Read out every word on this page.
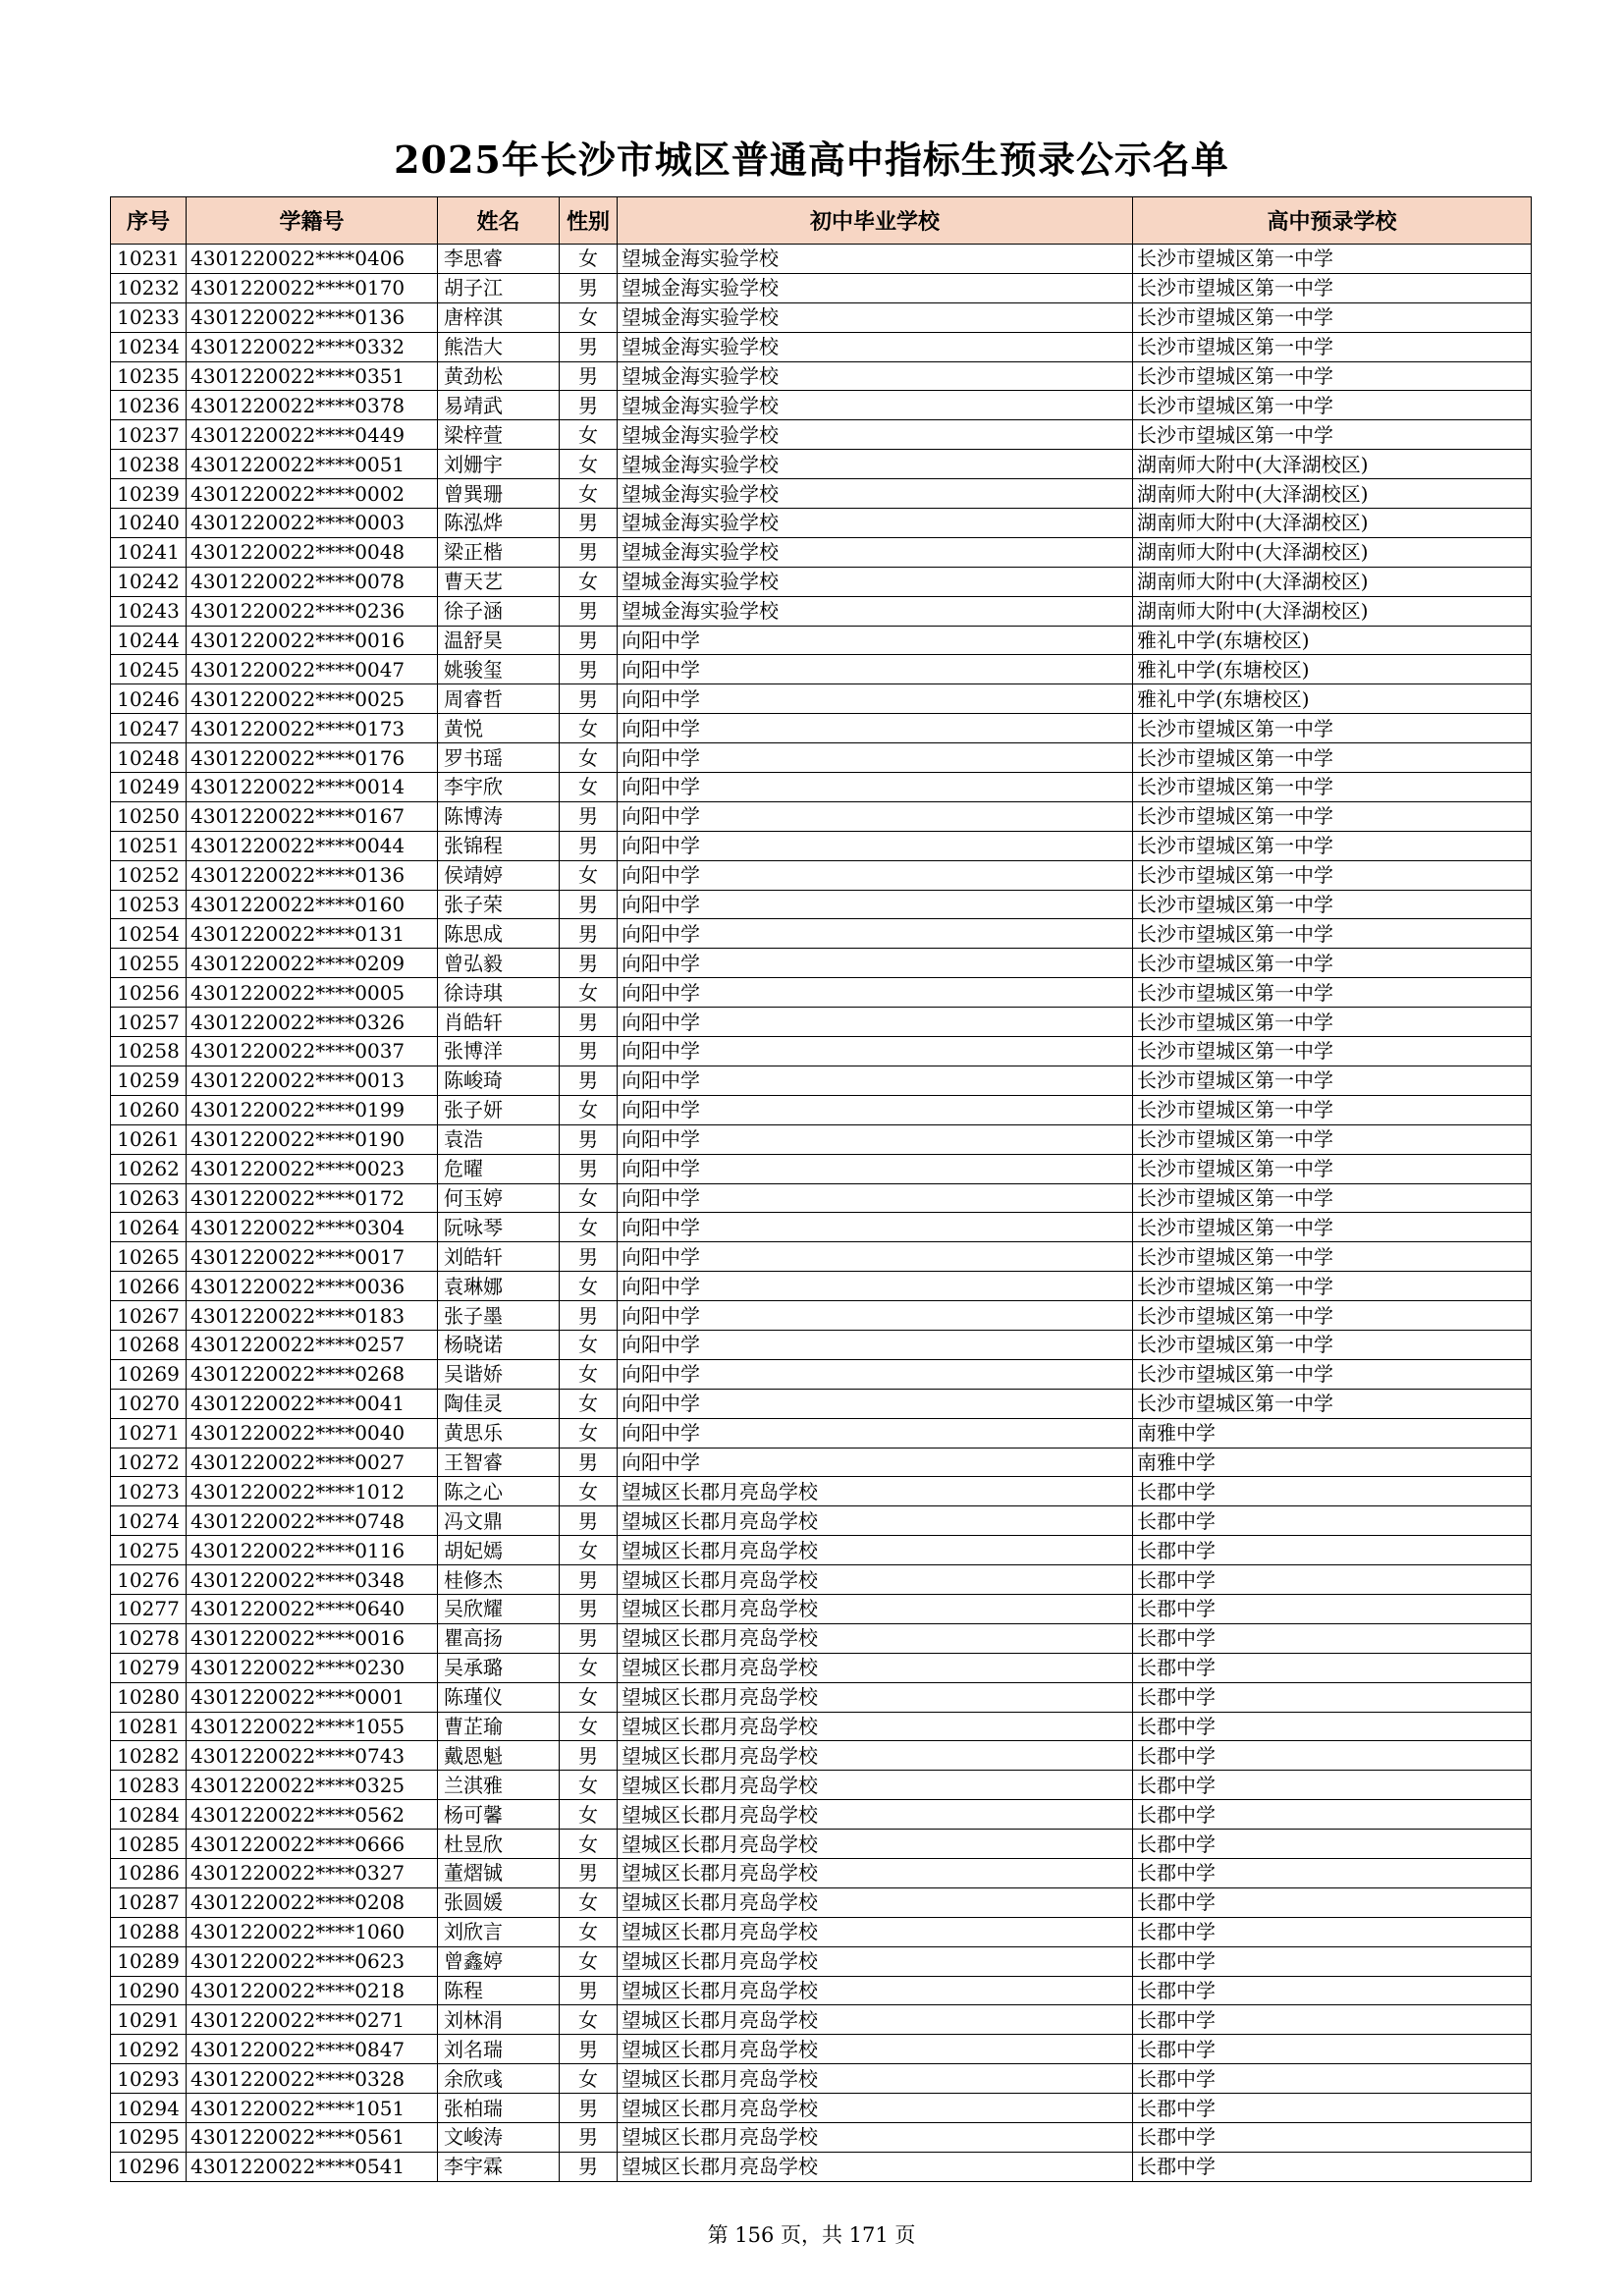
2025年长沙市城区普通高中指标生预录公示名单
序号	学籍号	姓名	性别	初中毕业学校	高中预录学校
10231	4301220022****0406	李思睿	女	望城金海实验学校	长沙市望城区第一中学
10232	4301220022****0170	胡子江	男	望城金海实验学校	长沙市望城区第一中学
10233	4301220022****0136	唐梓淇	女	望城金海实验学校	长沙市望城区第一中学
10234	4301220022****0332	熊浩大	男	望城金海实验学校	长沙市望城区第一中学
10235	4301220022****0351	黄劲松	男	望城金海实验学校	长沙市望城区第一中学
10236	4301220022****0378	易靖武	男	望城金海实验学校	长沙市望城区第一中学
10237	4301220022****0449	梁梓萱	女	望城金海实验学校	长沙市望城区第一中学
10238	4301220022****0051	刘姗宇	女	望城金海实验学校	湖南师大附中(大泽湖校区)
10239	4301220022****0002	曾巽珊	女	望城金海实验学校	湖南师大附中(大泽湖校区)
10240	4301220022****0003	陈泓烨	男	望城金海实验学校	湖南师大附中(大泽湖校区)
10241	4301220022****0048	梁正楷	男	望城金海实验学校	湖南师大附中(大泽湖校区)
10242	4301220022****0078	曹天艺	女	望城金海实验学校	湖南师大附中(大泽湖校区)
10243	4301220022****0236	徐子涵	男	望城金海实验学校	湖南师大附中(大泽湖校区)
10244	4301220022****0016	温舒昊	男	向阳中学	雅礼中学(东塘校区)
10245	4301220022****0047	姚骏玺	男	向阳中学	雅礼中学(东塘校区)
10246	4301220022****0025	周睿哲	男	向阳中学	雅礼中学(东塘校区)
10247	4301220022****0173	黄悦	女	向阳中学	长沙市望城区第一中学
10248	4301220022****0176	罗书瑶	女	向阳中学	长沙市望城区第一中学
10249	4301220022****0014	李宇欣	女	向阳中学	长沙市望城区第一中学
10250	4301220022****0167	陈博涛	男	向阳中学	长沙市望城区第一中学
10251	4301220022****0044	张锦程	男	向阳中学	长沙市望城区第一中学
10252	4301220022****0136	侯靖婷	女	向阳中学	长沙市望城区第一中学
10253	4301220022****0160	张子荣	男	向阳中学	长沙市望城区第一中学
10254	4301220022****0131	陈思成	男	向阳中学	长沙市望城区第一中学
10255	4301220022****0209	曾弘毅	男	向阳中学	长沙市望城区第一中学
10256	4301220022****0005	徐诗琪	女	向阳中学	长沙市望城区第一中学
10257	4301220022****0326	肖皓轩	男	向阳中学	长沙市望城区第一中学
10258	4301220022****0037	张博洋	男	向阳中学	长沙市望城区第一中学
10259	4301220022****0013	陈峻琦	男	向阳中学	长沙市望城区第一中学
10260	4301220022****0199	张子妍	女	向阳中学	长沙市望城区第一中学
10261	4301220022****0190	袁浩	男	向阳中学	长沙市望城区第一中学
10262	4301220022****0023	危曜	男	向阳中学	长沙市望城区第一中学
10263	4301220022****0172	何玉婷	女	向阳中学	长沙市望城区第一中学
10264	4301220022****0304	阮咏琴	女	向阳中学	长沙市望城区第一中学
10265	4301220022****0017	刘皓轩	男	向阳中学	长沙市望城区第一中学
10266	4301220022****0036	袁琳娜	女	向阳中学	长沙市望城区第一中学
10267	4301220022****0183	张子墨	男	向阳中学	长沙市望城区第一中学
10268	4301220022****0257	杨晓诺	女	向阳中学	长沙市望城区第一中学
10269	4301220022****0268	吴谐娇	女	向阳中学	长沙市望城区第一中学
10270	4301220022****0041	陶佳灵	女	向阳中学	长沙市望城区第一中学
10271	4301220022****0040	黄思乐	女	向阳中学	南雅中学
10272	4301220022****0027	王智睿	男	向阳中学	南雅中学
10273	4301220022****1012	陈之心	女	望城区长郡月亮岛学校	长郡中学
10274	4301220022****0748	冯文鼎	男	望城区长郡月亮岛学校	长郡中学
10275	4301220022****0116	胡妃嫣	女	望城区长郡月亮岛学校	长郡中学
10276	4301220022****0348	桂修杰	男	望城区长郡月亮岛学校	长郡中学
10277	4301220022****0640	吴欣耀	男	望城区长郡月亮岛学校	长郡中学
10278	4301220022****0016	瞿高扬	男	望城区长郡月亮岛学校	长郡中学
10279	4301220022****0230	吴承璐	女	望城区长郡月亮岛学校	长郡中学
10280	4301220022****0001	陈瑾仪	女	望城区长郡月亮岛学校	长郡中学
10281	4301220022****1055	曹芷瑜	女	望城区长郡月亮岛学校	长郡中学
10282	4301220022****0743	戴恩魁	男	望城区长郡月亮岛学校	长郡中学
10283	4301220022****0325	兰淇雅	女	望城区长郡月亮岛学校	长郡中学
10284	4301220022****0562	杨可馨	女	望城区长郡月亮岛学校	长郡中学
10285	4301220022****0666	杜昱欣	女	望城区长郡月亮岛学校	长郡中学
10286	4301220022****0327	董熠铖	男	望城区长郡月亮岛学校	长郡中学
10287	4301220022****0208	张圆媛	女	望城区长郡月亮岛学校	长郡中学
10288	4301220022****1060	刘欣言	女	望城区长郡月亮岛学校	长郡中学
10289	4301220022****0623	曾鑫婷	女	望城区长郡月亮岛学校	长郡中学
10290	4301220022****0218	陈程	男	望城区长郡月亮岛学校	长郡中学
10291	4301220022****0271	刘林涓	女	望城区长郡月亮岛学校	长郡中学
10292	4301220022****0847	刘名瑞	男	望城区长郡月亮岛学校	长郡中学
10293	4301220022****0328	余欣彧	女	望城区长郡月亮岛学校	长郡中学
10294	4301220022****1051	张柏瑞	男	望城区长郡月亮岛学校	长郡中学
10295	4301220022****0561	文峻涛	男	望城区长郡月亮岛学校	长郡中学
10296	4301220022****0541	李宇霖	男	望城区长郡月亮岛学校	长郡中学
第 156 页，共 171 页
